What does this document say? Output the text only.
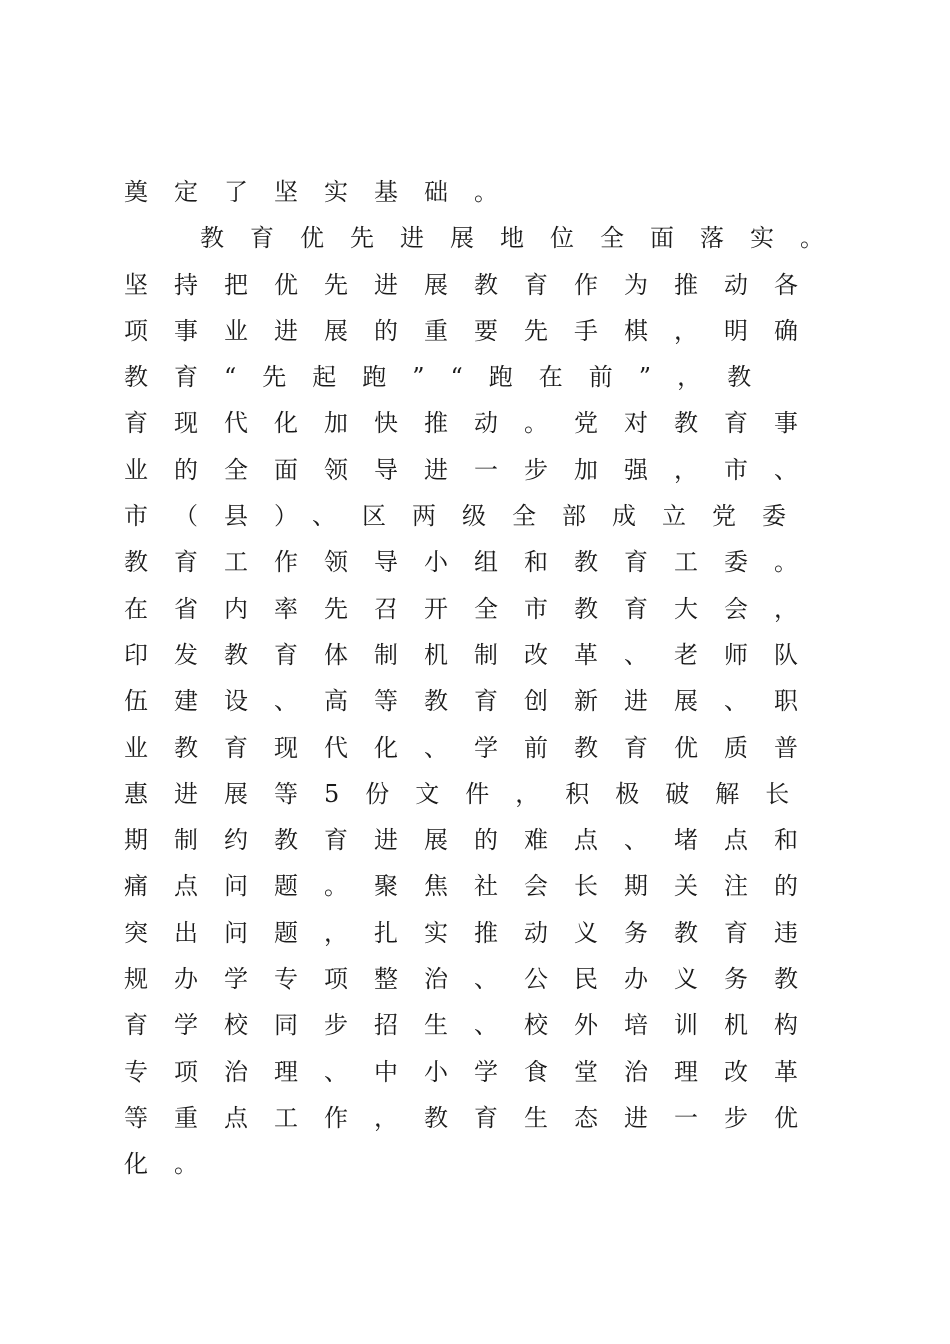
奠定了坚实基础。
教育优先进展地位全面落实。
坚持把优先进展教育作为推动各
项事业进展的重要先手棋，明确
教育“先起跑”“跑在前”，教
育现代化加快推动。党对教育事
业的全面领导进一步加强，市、
市（县）、区两级全部成立党委
教育工作领导小组和教育工委。
在省内率先召开全市教育大会，
印发教育体制机制改革、老师队
伍建设、高等教育创新进展、职
业教育现代化、学前教育优质普
惠进展等5份文件，积极破解长
期制约教育进展的难点、堵点和
痛点问题。聚焦社会长期关注的
突出问题，扎实推动义务教育违
规办学专项整治、公民办义务教
育学校同步招生、校外培训机构
专项治理、中小学食堂治理改革
等重点工作，教育生态进一步优
化。
